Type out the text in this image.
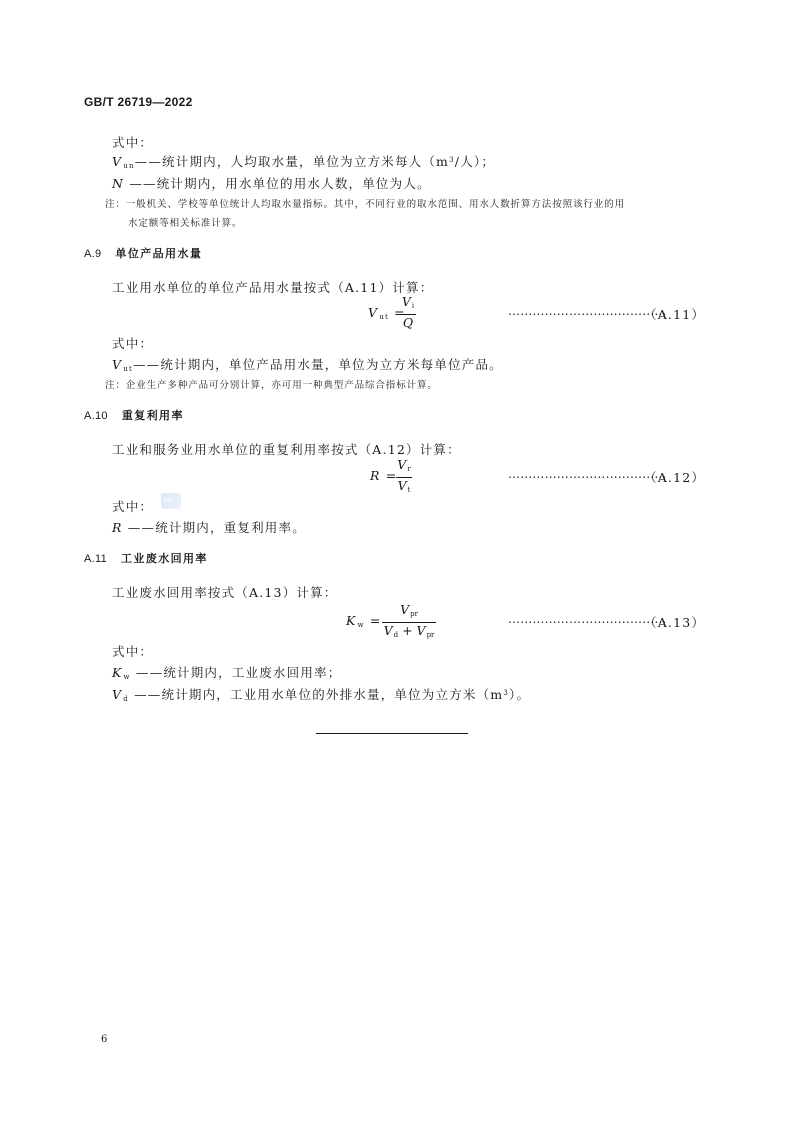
GB/T 26719—2022
式中：
$V_{un}——$统计期内，人均取水量，单位为立方米每人（$m^3/$人）；
N ——统计期内，用水单位的用水人数，单位为人。
注：一般机关、学校等单位统计人均取水量指标。其中，不同行业的取水范围、用水人数折算方法按照该行业的用
水定额等相关标准计算。
A.9 单位产品用水量
工业用水单位的单位产品用水量按式（A.11）计算：
$V_{ut}$ =
$V_i$
Q
…………………………………
（A.11）
式中：
$V_{ut}——$统计期内，单位产品用水量，单位为立方米每单位产品。
注：企业生产多种产品可分别计算，亦可用一种典型产品综合指标计算。
A.10 重复利用率
工业和服务业用水单位的重复利用率按式（A.12）计算：
R =
$V_r$
$V_t$
…………………………………
（A.12）
式中： SAC
R ——统计期内，重复利用率。
A.11 工业废水回用率
工业废水回用率按式（A.13）计算：
$K_w$ =
$V_{pr}$
$V_d + V_{pr}$
…………………………………
（A.13）
式中：
$K_w$ ——统计期内，工业废水回用率；
$V_d$ ——统计期内，工业用水单位的外排水量，单位为立方米$(m^3)$。
6
